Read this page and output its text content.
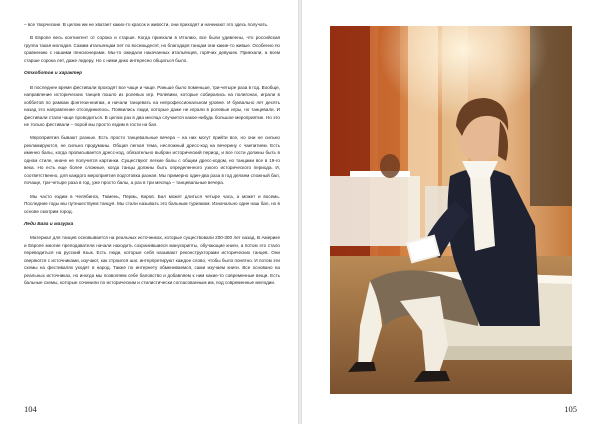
– все творческие. В целом им не хватает каких-то красок и живости, они приходят и начинают это здесь получать.

В Европе весь контингент от сорока и старше. Когда приехали в Италию, все были удивлены, что российская группа такая молодая. Самим итальянцам лет по восемьдесят, но благодаря танцам они какие-то живые. Особенно по сравнению с нашими пенсионерами. Мы-то ожидали накачанных итальянцев, горячих девушек. Приехали, а всем старше сорока лет, даже лидеру. Но с ними дико интересно общаться было.

Отхоботов и характер

В последнее время фестивали проходят все чаще и чаще. Раньше было поменьше, три-четыре раза в год. Вообще, направление исторических танцев пошло из ролевых игр. Ролевики, которые собирались на полигонах, играли в хоббитов по рамкам фэнтези-книгам, и начали танцевать на непрофессиональном уровне. И буквально лет десять назад это направление отсоединилось. Появились люди, которые даже не играли в ролевые игры, но танцевали. И фестивали стали чаще проводиться. В целом раз в два месяца случается какое-нибудь большое мероприятие. Но это не только фестивали – порой мы просто ездим в гости на бал.

Мероприятия бывают разные. Есть просто танцевальные вечера – на них могут прийти все, но они не сильно рекламируются, не сильно продуманы. Общая легкая тема, несложный дресс-код на вечерину с чаепитием. Есть именно балы, когда прописывается дресс-код, обязательно выбран исторический период, и все гости должны быть в одном стиле, иначе не получится картинки. Существуют легкие балы с общим дресс-кодом, но танцами все в 19-го века. Но есть еще более сложные, когда танцы должны быть определенного узкого исторического периода. И, соответственно, для каждого мероприятия подготовка разная. Мы примерно один-два раза в год делаем сложный бал, почаще, три-четыре раза в год, уже просто балы, а раз в три месяца – танцевальные вечера.

Мы часто ездим в Челябинск, Тюмень, Пермь, Киров. Бал может длиться четыре часа, а может и восемь. Последние годы мы путешествуем танцуя. Мы стали называть это бальным туризмом. Изначально один наш бал, но в основе смотрим город.

Леди Бага и мазурка

Материал для танцев основывается на реальных источниках, которые существовали 200-300 лет назад. В Америке и Европе многие преподаватели начали находить сохранившиеся манускрипты, обучающие книги, а потом это стало переводиться на русский язык. Есть люди, которые себя называют реконструкторами исторических танцев. Они сверяются с источниками, изучают, как строился шаг, интерпретируют каждое слово, чтобы было понятно. И потом эти схемы на фестивалях уходят в народ. Также по интернету обмениваемся, сами изучаем книги. Все основано на реальных источниках, но иногда мы позволяем себе баловство и добавляем к ним какие-то современные вещи. Есть бальные схемы, которые сочинили по историческим и стилистически согласованным им, под современные мелодии.

104	105
